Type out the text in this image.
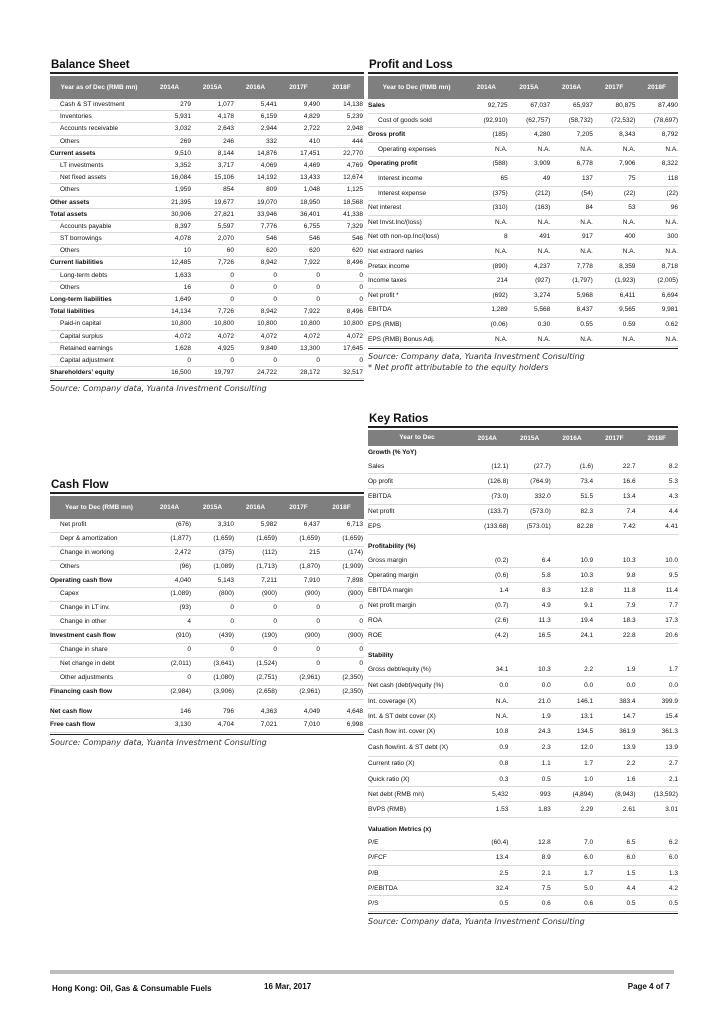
Balance Sheet
Year as of Dec (RMB mn)	2014A	2015A	2016A	2017F	2018F
Cash & ST investment	279	1,077	5,441	9,490	14,138
Inventories	5,931	4,178	6,159	4,829	5,239
Accounts receivable	3,032	2,643	2,944	2,722	2,948
Others	269	246	332	410	444
Current assets	9,510	8,144	14,876	17,451	22,770
LT investments	3,352	3,717	4,069	4,469	4,769
Net fixed assets	16,084	15,106	14,192	13,433	12,674
Others	1,959	854	809	1,048	1,125
Other assets	21,395	19,677	19,070	18,950	18,568
Total assets	30,906	27,821	33,946	36,401	41,338
Accounts payable	8,397	5,597	7,776	6,755	7,329
ST borrowings	4,078	2,070	546	546	546
Others	10	60	620	620	620
Current liabilities	12,485	7,726	8,942	7,922	8,496
Long-term debts	1,633	0	0	0	0
Others	16	0	0	0	0
Long-term liabilities	1,649	0	0	0	0
Total liabilities	14,134	7,726	8,942	7,922	8,496
Paid-in capital	10,800	10,800	10,800	10,800	10,800
Capital surplus	4,072	4,072	4,072	4,072	4,072
Retained earnings	1,628	4,925	9,849	13,300	17,645
Capital adjustment	0	0	0	0	0
Shareholders' equity	16,500	19,797	24,722	28,172	32,517
Source: Company data, Yuanta Investment Consulting
Profit and Loss
Year to Dec (RMB mn)	2014A	2015A	2016A	2017F	2018F
Sales	92,725	67,037	65,937	80,875	87,490
Cost of goods sold	(92,910)	(62,757)	(58,732)	(72,532)	(78,697)
Gross profit	(185)	4,280	7,205	8,343	8,792
Operating expenses	N.A.	N.A.	N.A.	N.A.	N.A.
Operating profit	(588)	3,909	6,778	7,906	8,322
Interest income	65	49	137	75	118
Interest expense	(375)	(212)	(54)	(22)	(22)
Net interest	(310)	(163)	84	53	96
Net Invst.Inc/(loss)	N.A.	N.A.	N.A.	N.A.	N.A.
Net oth non-op.Inc/(loss)	8	491	917	400	300
Net extraord naries	N.A.	N.A.	N.A.	N.A.	N.A.
Pretax income	(890)	4,237	7,778	8,359	8,718
Income taxes	214	(927)	(1,797)	(1,923)	(2,005)
Net profit *	(692)	3,274	5,968	6,411	6,694
EBITDA	1,289	5,568	8,437	9,565	9,981
EPS (RMB)	(0.06)	0.30	0.55	0.59	0.62
EPS (RMB) Bonus Adj.	N.A.	N.A.	N.A.	N.A.	N.A.
Source: Company data, Yuanta Investment Consulting
* Net profit attributable to the equity holders
Cash Flow
Year to Dec (RMB mn)	2014A	2015A	2016A	2017F	2018F
Net profit	(676)	3,310	5,982	6,437	6,713
Depr & amortization	(1,877)	(1,659)	(1,659)	(1,659)	(1,659)
Change in working	2,472	(375)	(112)	215	(174)
Others	(96)	(1,089)	(1,713)	(1,870)	(1,909)
Operating cash flow	4,040	5,143	7,211	7,910	7,898
Capex	(1,089)	(800)	(900)	(900)	(900)
Change in LT inv.	(93)	0	0	0	0
Change in other	4	0	0	0	0
Investment cash flow	(910)	(439)	(190)	(900)	(900)
Change in share	0	0	0	0	0
Net change in debt	(2,011)	(3,641)	(1,524)	0	0
Other adjustments	0	(1,080)	(2,751)	(2,961)	(2,350)
Financing cash flow	(2,984)	(3,906)	(2,658)	(2,961)	(2,350)
Net cash flow	146	796	4,363	4,049	4,648
Free cash flow	3,130	4,704	7,021	7,010	6,998
Source: Company data, Yuanta Investment Consulting
Key Ratios
Year to Dec	2014A	2015A	2016A	2017F	2018F
Growth (% YoY)
Sales	(12.1)	(27.7)	(1.6)	22.7	8.2
Op profit	(126.8)	(764.9)	73.4	16.6	5.3
EBITDA	(73.0)	332.0	51.5	13.4	4.3
Net profit	(133.7)	(573.0)	82.3	7.4	4.4
EPS	(133.68)	(573.01)	82.28	7.42	4.41
Profitability (%)
Gross margin	(0.2)	6.4	10.9	10.3	10.0
Operating margin	(0.6)	5.8	10.3	9.8	9.5
EBITDA margin	1.4	8.3	12.8	11.8	11.4
Net profit margin	(0.7)	4.9	9.1	7.9	7.7
ROA	(2.6)	11.3	19.4	18.3	17.3
ROE	(4.2)	16.5	24.1	22.8	20.6
Stability
Gross debt/equity (%)	34.1	10.3	2.2	1.9	1.7
Net cash (debt)/equity (%)	0.0	0.0	0.0	0.0	0.0
Int. coverage (X)	N.A.	21.0	146.1	383.4	399.9
Int. & ST debt cover (X)	N.A.	1.9	13.1	14.7	15.4
Cash flow int. cover (X)	10.8	24.3	134.5	361.9	361.3
Cash flow/int. & ST debt (X)	0.9	2.3	12.0	13.9	13.9
Current ratio (X)	0.8	1.1	1.7	2.2	2.7
Quick ratio (X)	0.3	0.5	1.0	1.6	2.1
Net debt (RMB mn)	5,432	993	(4,894)	(8,943)	(13,592)
BVPS (RMB)	1.53	1.83	2.29	2.61	3.01
Valuation Metrics (x)
P/E	(60.4)	12.8	7.0	6.5	6.2
P/FCF	13.4	8.9	6.0	6.0	6.0
P/B	2.5	2.1	1.7	1.5	1.3
P/EBITDA	32.4	7.5	5.0	4.4	4.2
P/S	0.5	0.6	0.6	0.5	0.5
Source: Company data, Yuanta Investment Consulting
Hong Kong: Oil, Gas & Consumable Fuels	16 Mar, 2017	Page 4 of 7
